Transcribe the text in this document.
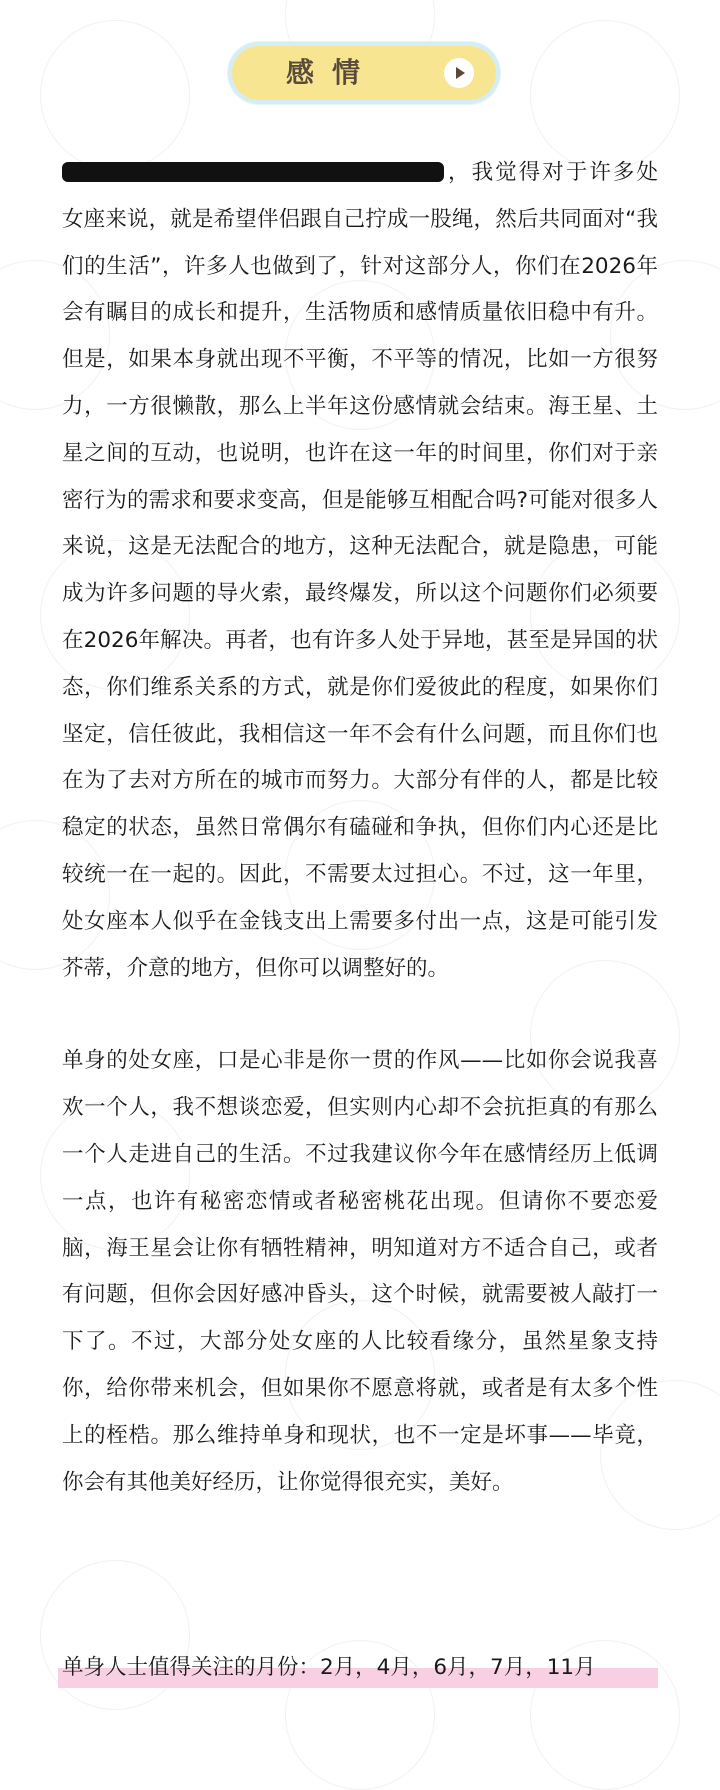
感情

，我觉得对于许多处女座来说，就是希望伴侣跟自己拧成一股绳，然后共同面对“我们的生活”，许多人也做到了，针对这部分人，你们在2026年会有瞩目的成长和提升，生活物质和感情质量依旧稳中有升。但是，如果本身就出现不平衡，不平等的情况，比如一方很努力，一方很懒散，那么上半年这份感情就会结束。海王星、土星之间的互动，也说明，也许在这一年的时间里，你们对于亲密行为的需求和要求变高，但是能够互相配合吗?可能对很多人来说，这是无法配合的地方，这种无法配合，就是隐患，可能成为许多问题的导火索，最终爆发，所以这个问题你们必须要在2026年解决。再者，也有许多人处于异地，甚至是异国的状态，你们维系关系的方式，就是你们爱彼此的程度，如果你们坚定，信任彼此，我相信这一年不会有什么问题，而且你们也在为了去对方所在的城市而努力。大部分有伴的人，都是比较稳定的状态，虽然日常偶尔有磕碰和争执，但你们内心还是比较统一在一起的。因此，不需要太过担心。不过，这一年里，处女座本人似乎在金钱支出上需要多付出一点，这是可能引发芥蒂，介意的地方，但你可以调整好的。

单身的处女座，口是心非是你一贯的作风——比如你会说我喜欢一个人，我不想谈恋爱，但实则内心却不会抗拒真的有那么一个人走进自己的生活。不过我建议你今年在感情经历上低调一点，也许有秘密恋情或者秘密桃花出现。但请你不要恋爱脑，海王星会让你有牺牲精神，明知道对方不适合自己，或者有问题，但你会因好感冲昏头，这个时候，就需要被人敲打一下了。不过，大部分处女座的人比较看缘分，虽然星象支持你，给你带来机会，但如果你不愿意将就，或者是有太多个性上的桎梏。那么维持单身和现状，也不一定是坏事——毕竟，你会有其他美好经历，让你觉得很充实，美好。

单身人士值得关注的月份：2月，4月，6月，7月，11月
